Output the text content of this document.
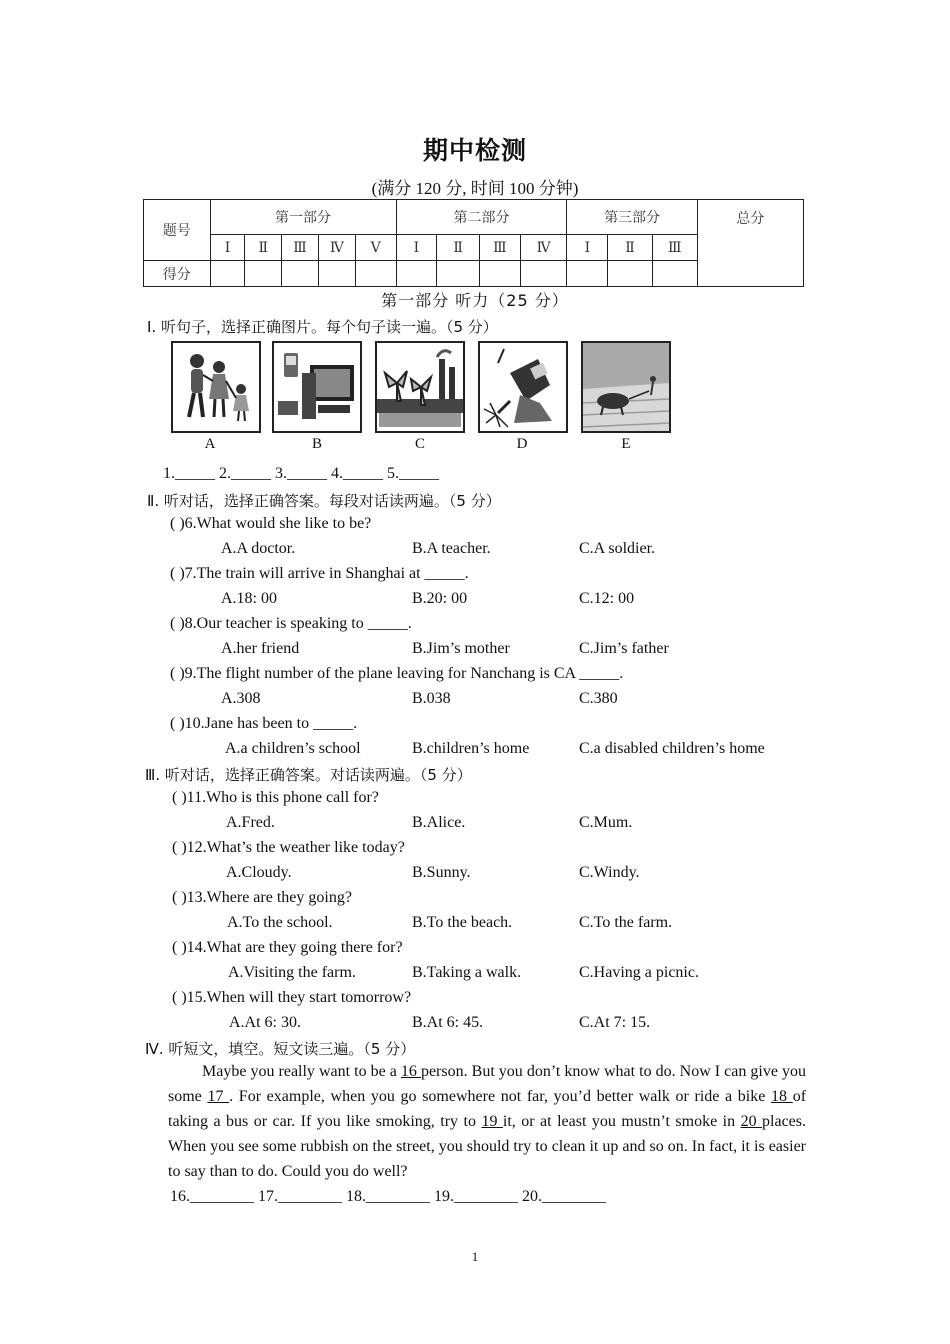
期中检测
(满分 120 分, 时间 100 分钟)
题号	第一部分					第二部分				第三部分			总分
	Ⅰ	Ⅱ	Ⅲ	Ⅳ	Ⅴ	Ⅰ	Ⅱ	Ⅲ	Ⅳ	Ⅰ	Ⅱ	Ⅲ	
得分													
第一部分 听力（25 分）
Ⅰ. 听句子，选择正确图片。每个句子读一遍。（5 分）
A	B	C	D	E
1._____ 2._____ 3._____ 4._____ 5._____
Ⅱ. 听对话，选择正确答案。每段对话读两遍。（5 分）
( )6.What would she like to be?
A.A doctor.	B.A teacher.	C.A soldier.
( )7.The train will arrive in Shanghai at _____.
A.18: 00	B.20: 00	C.12: 00
( )8.Our teacher is speaking to _____.
A.her friend	B.Jim’s mother	C.Jim’s father
( )9.The flight number of the plane leaving for Nanchang is CA _____.
A.308	B.038	C.380
( )10.Jane has been to _____.
A.a children’s school	B.children’s home	C.a disabled children’s home
Ⅲ. 听对话，选择正确答案。对话读两遍。（5 分）
( )11.Who is this phone call for?
A.Fred.	B.Alice.	C.Mum.
( )12.What’s the weather like today?
A.Cloudy.	B.Sunny.	C.Windy.
( )13.Where are they going?
A.To the school.	B.To the beach.	C.To the farm.
( )14.What are they going there for?
A.Visiting the farm.	B.Taking a walk.	C.Having a picnic.
( )15.When will they start tomorrow?
A.At 6: 30.	B.At 6: 45.	C.At 7: 15.
Ⅳ. 听短文，填空。短文读三遍。（5 分）
Maybe you really want to be a 16 person. But you don’t know what to do. Now I can give you some 17 . For example, when you go somewhere not far, you’d better walk or ride a bike 18 of taking a bus or car. If you like smoking, try to 19 it, or at least you mustn’t smoke in 20 places. When you see some rubbish on the street, you should try to clean it up and so on. In fact, it is easier to say than to do. Could you do well?
16.________ 17.________ 18.________ 19.________ 20.________
1
